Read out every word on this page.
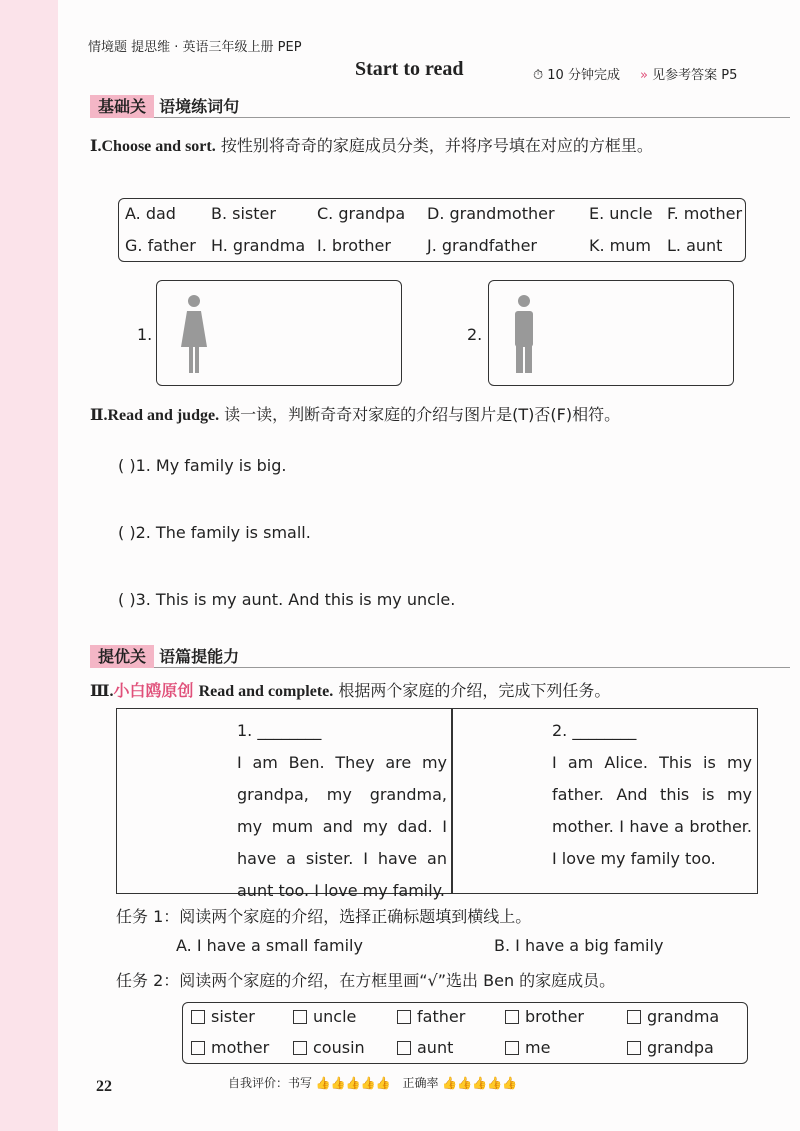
情境题 提思维 · 英语三年级上册 PEP
Start to read	⏱ 10 分钟完成 » 见参考答案 P5
基础关 语境练词句
Ⅰ.Choose and sort. 按性别将奇奇的家庭成员分类，并将序号填在对应的方框里。
A. dad B. sister	C. grandpa D. grandmother E. uncle F. mother
G. father H. grandma I. brother J. grandfather	K. mum L. aunt
1.	2.
Ⅱ.Read and judge. 读一读，判断奇奇对家庭的介绍与图片是(T)否(F)相符。
( )1. My family is big.
( )2. The family is small.
( )3. This is my aunt. And this is my uncle.
提优关 语篇提能力
Ⅲ.小白鸥原创 Read and complete. 根据两个家庭的介绍，完成下列任务。
1. ________
I am Ben. They are my grandpa, my grandma, my mum and my dad. I have a sister. I have an aunt too. I love my family.
2. ________
I am Alice. This is my father. And this is my mother. I have a brother. I love my family too.
任务 1：阅读两个家庭的介绍，选择正确标题填到横线上。
A. I have a small family	B. I have a big family
任务 2：阅读两个家庭的介绍，在方框里画“√”选出 Ben 的家庭成员。
sister	uncle	father	brother	grandma
mother	cousin	aunt	me	grandpa
22	自我评价：书写 👍👍👍👍👍　正确率 👍👍👍👍👍
